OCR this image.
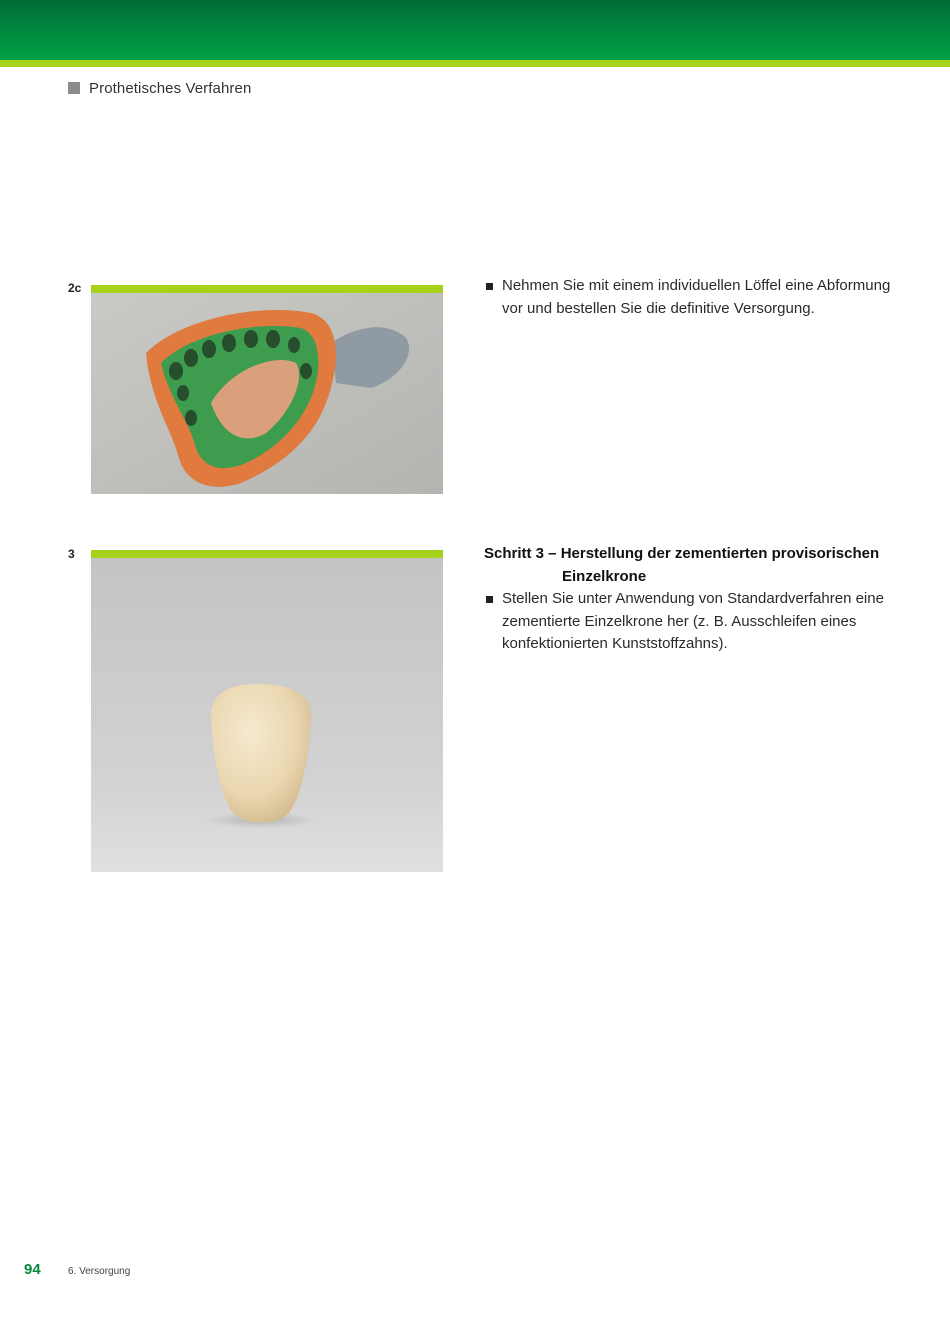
Prothetisches Verfahren
2c	Nehmen Sie mit einem individuellen Löffel eine Abformung vor und bestellen Sie die definitive Versorgung.
3	Schritt 3 – Herstellung der zementierten provisorischen
Einzelkrone
Stellen Sie unter Anwendung von Standardverfahren eine zementierte Einzelkrone her (z. B. Ausschleifen eines konfektionierten Kunststoffzahns).
94	6. Versorgung
